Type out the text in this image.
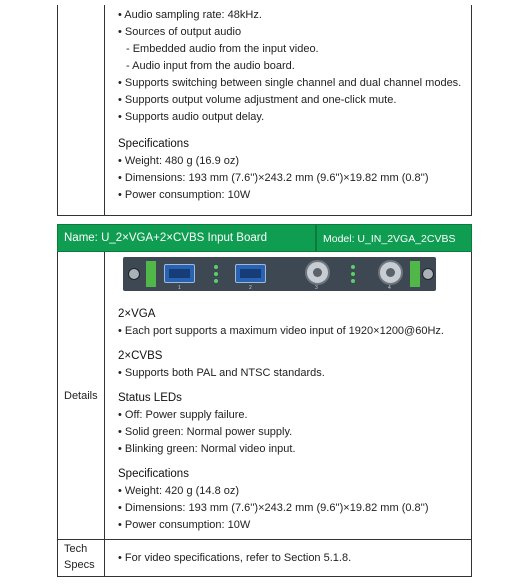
• Audio sampling rate: 48kHz.
• Sources of output audio
- Embedded audio from the input video.
- Audio input from the audio board.
• Supports switching between single channel and dual channel modes.
• Supports output volume adjustment and one-click mute.
• Supports audio output delay.
Specifications
• Weight: 480 g (16.9 oz)
• Dimensions: 193 mm (7.6'')×243.2 mm (9.6'')×19.82 mm (0.8'')
• Power consumption: 10W
Name: U_2×VGA+2×CVBS Input Board	Model: U_IN_2VGA_2CVBS
Details
1	2	3	4
2×VGA
• Each port supports a maximum video input of 1920×1200@60Hz.
2×CVBS
• Supports both PAL and NTSC standards.
Status LEDs
• Off: Power supply failure.
• Solid green: Normal power supply.
• Blinking green: Normal video input.
Specifications
• Weight: 420 g (14.8 oz)
• Dimensions: 193 mm (7.6'')×243.2 mm (9.6'')×19.82 mm (0.8'')
• Power consumption: 10W
Tech
Specs
• For video specifications, refer to Section 5.1.8.
